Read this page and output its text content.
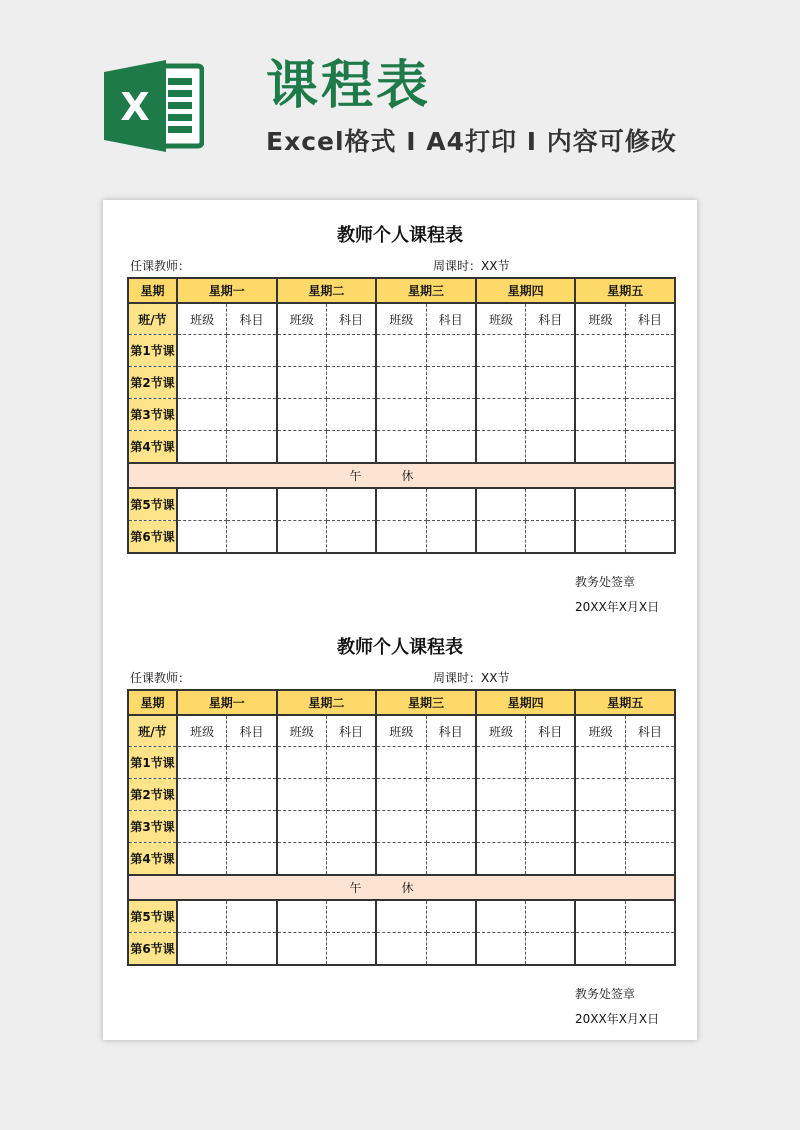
X 课程表
Excel格式 I A4打印 I 内容可修改
教师个人课程表
任课教师：	周课时：XX节
星期	星期一		星期二		星期三		星期四		星期五	
班/节	班级	科目	班级	科目	班级	科目	班级	科目	班级	科目
第1节课										
第2节课										
第3节课										
第4节课										
午休										
第5节课										
第6节课										
教务处签章
20XX年X月X日
教师个人课程表
任课教师：	周课时：XX节
星期	星期一		星期二		星期三		星期四		星期五	
班/节	班级	科目	班级	科目	班级	科目	班级	科目	班级	科目
第1节课										
第2节课										
第3节课										
第4节课										
午休										
第5节课										
第6节课										
教务处签章
20XX年X月X日
